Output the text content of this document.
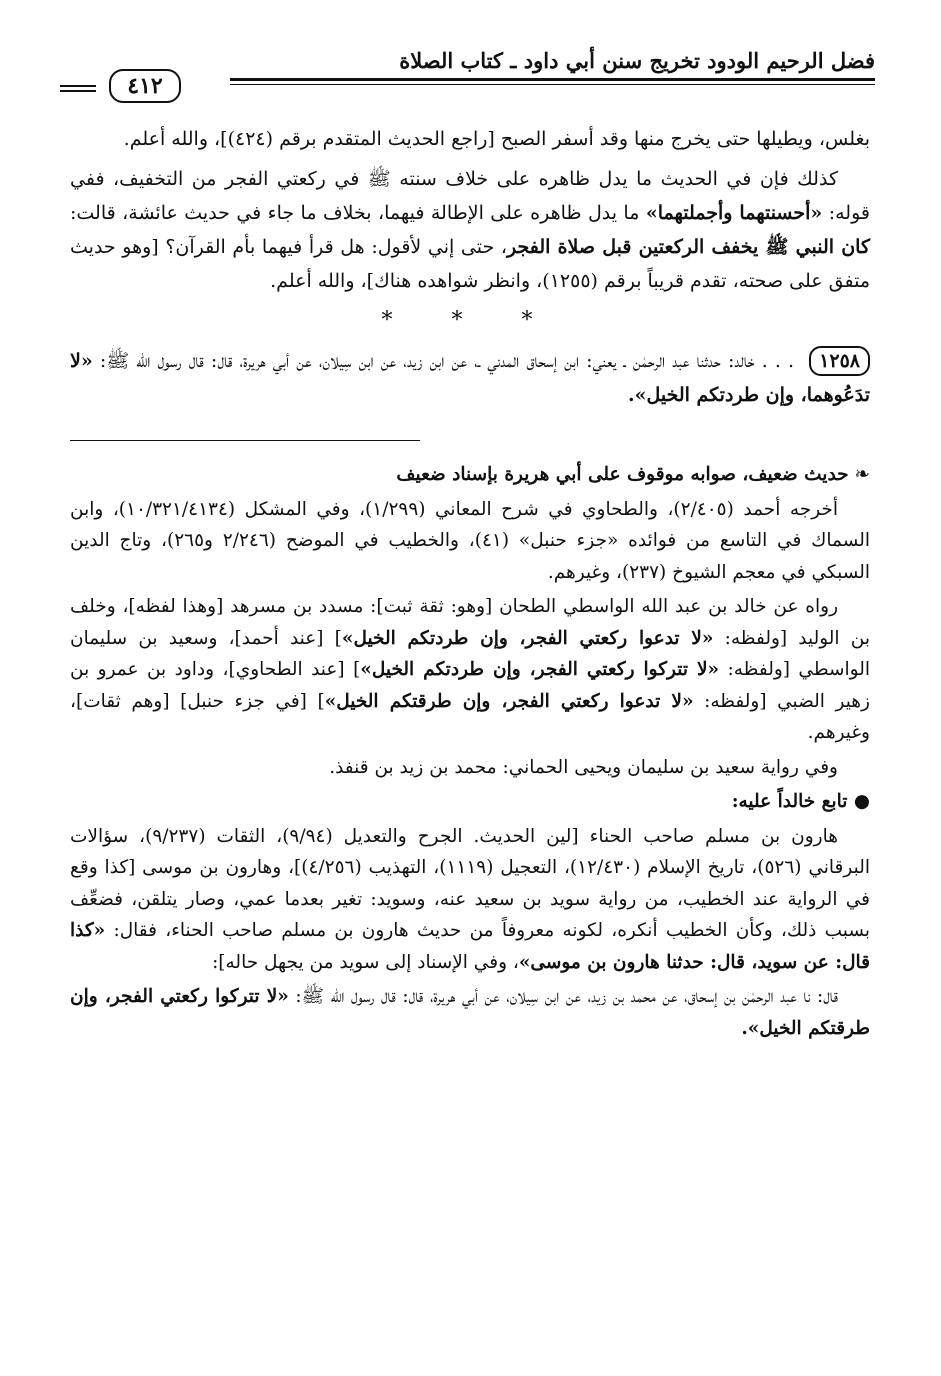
فضل الرحيم الودود تخريج سنن أبي داود ـ كتاب الصلاة
٤١٢

بغلس، ويطيلها حتى يخرج منها وقد أسفر الصبح [راجع الحديث المتقدم برقم (٤٢٤)]، والله أعلم.

كذلك فإن في الحديث ما يدل ظاهره على خلاف سنته ﷺ في ركعتي الفجر من التخفيف، ففي قوله: «أحسنتهما وأجملتهما» ما يدل ظاهره على الإطالة فيهما، بخلاف ما جاء في حديث عائشة، قالت: كان النبي ﷺ يخفف الركعتين قبل صلاة الفجر، حتى إني لأقول: هل قرأ فيهما بأم القرآن؟ [وهو حديث متفق على صحته، تقدم قريباً برقم (١٢٥٥)، وانظر شواهده هناك]، والله أعلم.

* * *

١٢٥٨ . . . خالد: حدثنا عبد الرحمٰن ـ يعني: ابن إسحاق المدني ـ، عن ابن زيد، عن ابن سِيلان، عن أبي هريرة، قال: قال رسول الله ﷺ: «لا تدَعُوهما، وإن طردتكم الخيل».

❧ حديث ضعيف، صوابه موقوف على أبي هريرة بإسناد ضعيف

أخرجه أحمد (٢/٤٠٥)، والطحاوي في شرح المعاني (١/٢٩٩)، وفي المشكل (١٠/٣٢١/٤١٣٤)، وابن السماك في التاسع من فوائده «جزء حنبل» (٤١)، والخطيب في الموضح (٢/٢٤٦ و٢٦٥)، وتاج الدين السبكي في معجم الشيوخ (٢٣٧)، وغيرهم.

رواه عن خالد بن عبد الله الواسطي الطحان [وهو: ثقة ثبت]: مسدد بن مسرهد [وهذا لفظه]، وخلف بن الوليد [ولفظه: «لا تدعوا ركعتي الفجر، وإن طردتكم الخيل»] [عند أحمد]، وسعيد بن سليمان الواسطي [ولفظه: «لا تتركوا ركعتي الفجر، وإن طردتكم الخيل»] [عند الطحاوي]، وداود بن عمرو بن زهير الضبي [ولفظه: «لا تدعوا ركعتي الفجر، وإن طرقتكم الخيل»] [في جزء حنبل] [وهم ثقات]، وغيرهم.

وفي رواية سعيد بن سليمان ويحيى الحماني: محمد بن زيد بن قنفذ.

● تابع خالداً عليه:

هارون بن مسلم صاحب الحناء [لين الحديث. الجرح والتعديل (٩/٩٤)، الثقات (٩/٢٣٧)، سؤالات البرقاني (٥٢٦)، تاريخ الإسلام (١٢/٤٣٠)، التعجيل (١١١٩)، التهذيب (٤/٢٥٦)]، وهارون بن موسى [كذا وقع في الرواية عند الخطيب، من رواية سويد بن سعيد عنه، وسويد: تغير بعدما عمي، وصار يتلقن، فضعِّف بسبب ذلك، وكأن الخطيب أنكره، لكونه معروفاً من حديث هارون بن مسلم صاحب الحناء، فقال: «كذا قال: عن سويد، قال: حدثنا هارون بن موسى»، وفي الإسناد إلى سويد من يجهل حاله]:

قال: نا عبد الرحمٰن بن إسحاق، عن محمد بن زيد، عن ابن سِيلان، عن أبي هريرة، قال: قال رسول الله ﷺ: «لا تتركوا ركعتي الفجر، وإن طرقتكم الخيل».
